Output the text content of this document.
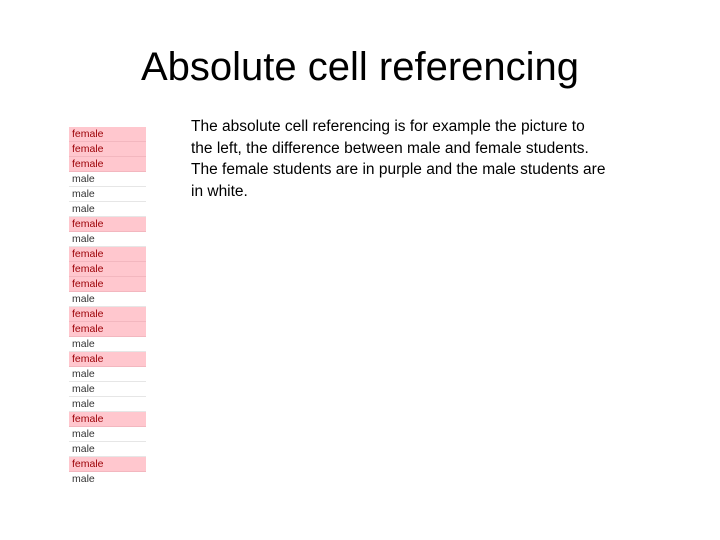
Absolute cell referencing
female
female
female
male
male
male
female
male
female
female
female
male
female
female
male
female
male
male
male
female
male
male
female
male
The absolute cell referencing is for example the picture to the left, the difference between male and female students. The female students are in purple and the male students are in white.
